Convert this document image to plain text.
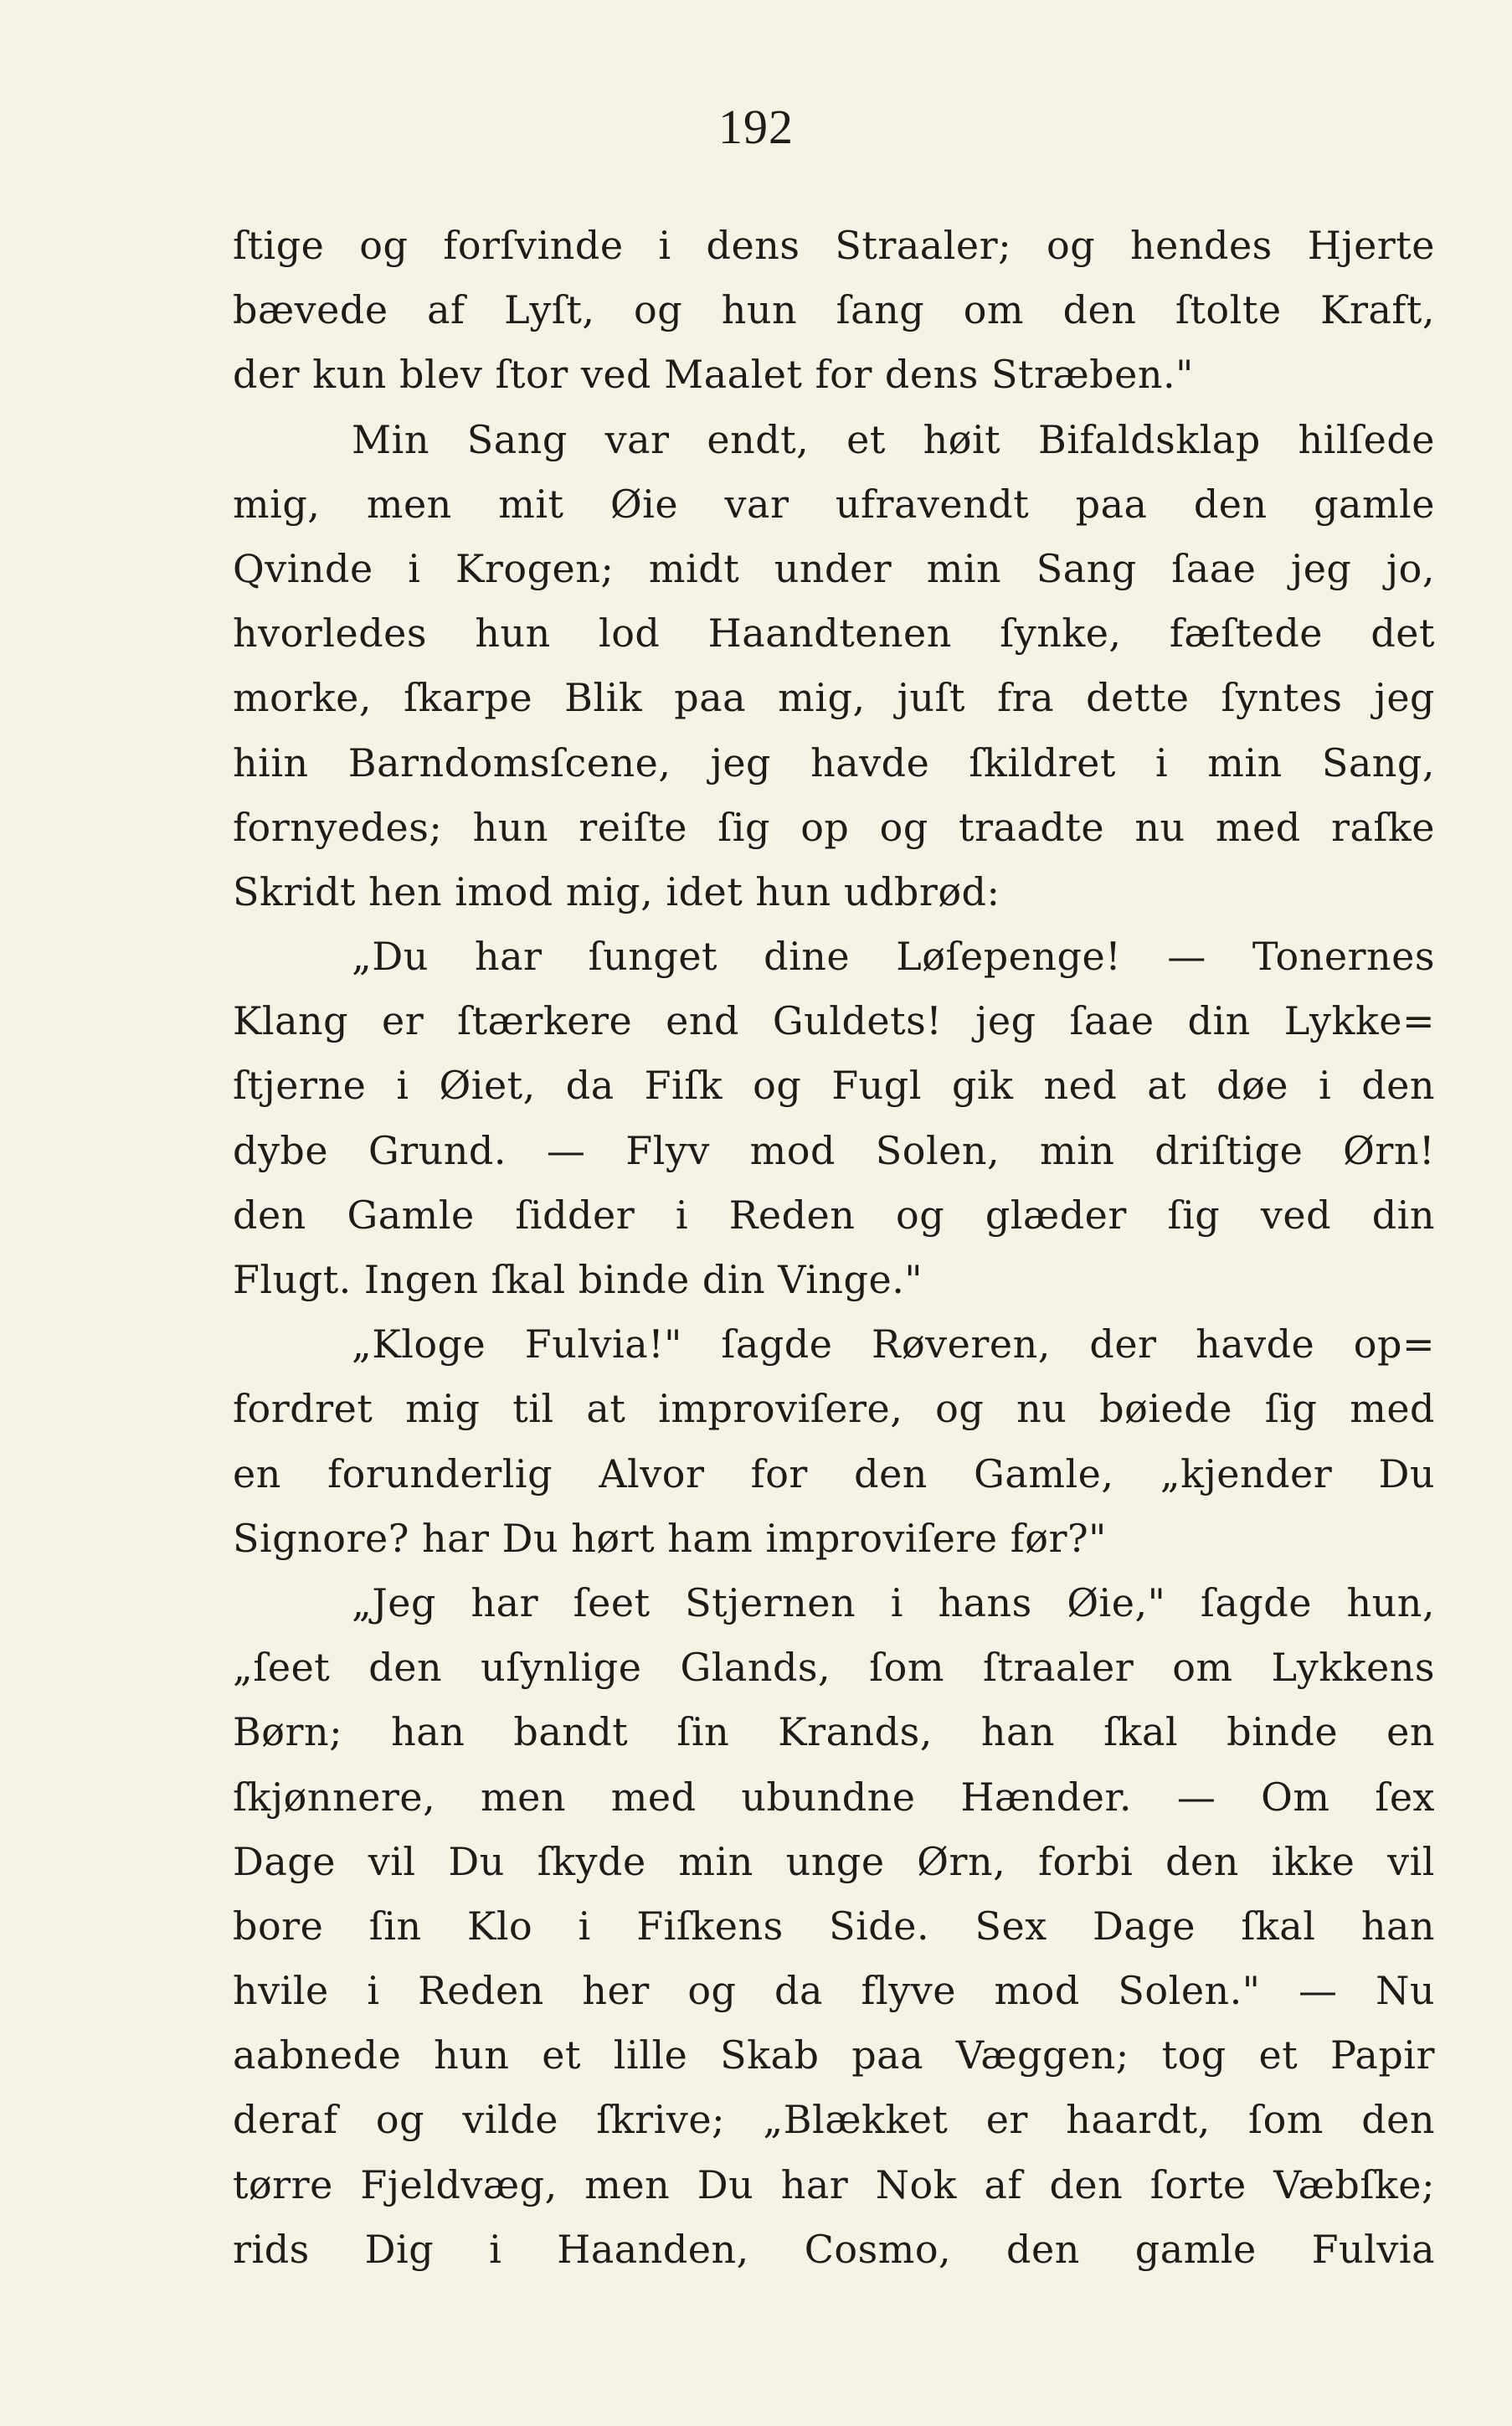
192
ſtige og forſvinde i dens Straaler; og hendes Hjerte
bævede af Lyſt, og hun ſang om den ſtolte Kraft,
der kun blev ſtor ved Maalet for dens Stræben."
Min Sang var endt, et høit Bifaldsklap hilſede
mig, men mit Øie var ufravendt paa den gamle
Qvinde i Krogen; midt under min Sang ſaae jeg jo,
hvorledes hun lod Haandtenen ſynke, fæſtede det
morke, ſkarpe Blik paa mig, juſt fra dette ſyntes jeg
hiin Barndomsſcene, jeg havde ſkildret i min Sang,
fornyedes; hun reiſte ſig op og traadte nu med raſke
Skridt hen imod mig, idet hun udbrød:
„Du har ſunget dine Løſepenge! — Tonernes
Klang er ſtærkere end Guldets! jeg ſaae din Lykke=
ſtjerne i Øiet, da Fiſk og Fugl gik ned at døe i den
dybe Grund. — Flyv mod Solen, min driſtige Ørn!
den Gamle ſidder i Reden og glæder ſig ved din
Flugt. Ingen ſkal binde din Vinge."
„Kloge Fulvia!" ſagde Røveren, der havde op=
fordret mig til at improviſere, og nu bøiede ſig med
en forunderlig Alvor for den Gamle, „kjender Du
Signore? har Du hørt ham improviſere før?"
„Jeg har ſeet Stjernen i hans Øie," ſagde hun,
„ſeet den uſynlige Glands, ſom ſtraaler om Lykkens
Børn; han bandt ſin Krands, han ſkal binde en
ſkjønnere, men med ubundne Hænder. — Om ſex
Dage vil Du ſkyde min unge Ørn, forbi den ikke vil
bore ſin Klo i Fiſkens Side. Sex Dage ſkal han
hvile i Reden her og da flyve mod Solen." — Nu
aabnede hun et lille Skab paa Væggen; tog et Papir
deraf og vilde ſkrive; „Blækket er haardt, ſom den
tørre Fjeldvæg, men Du har Nok af den ſorte Væbſke;
rids Dig i Haanden, Cosmo, den gamle Fulvia
